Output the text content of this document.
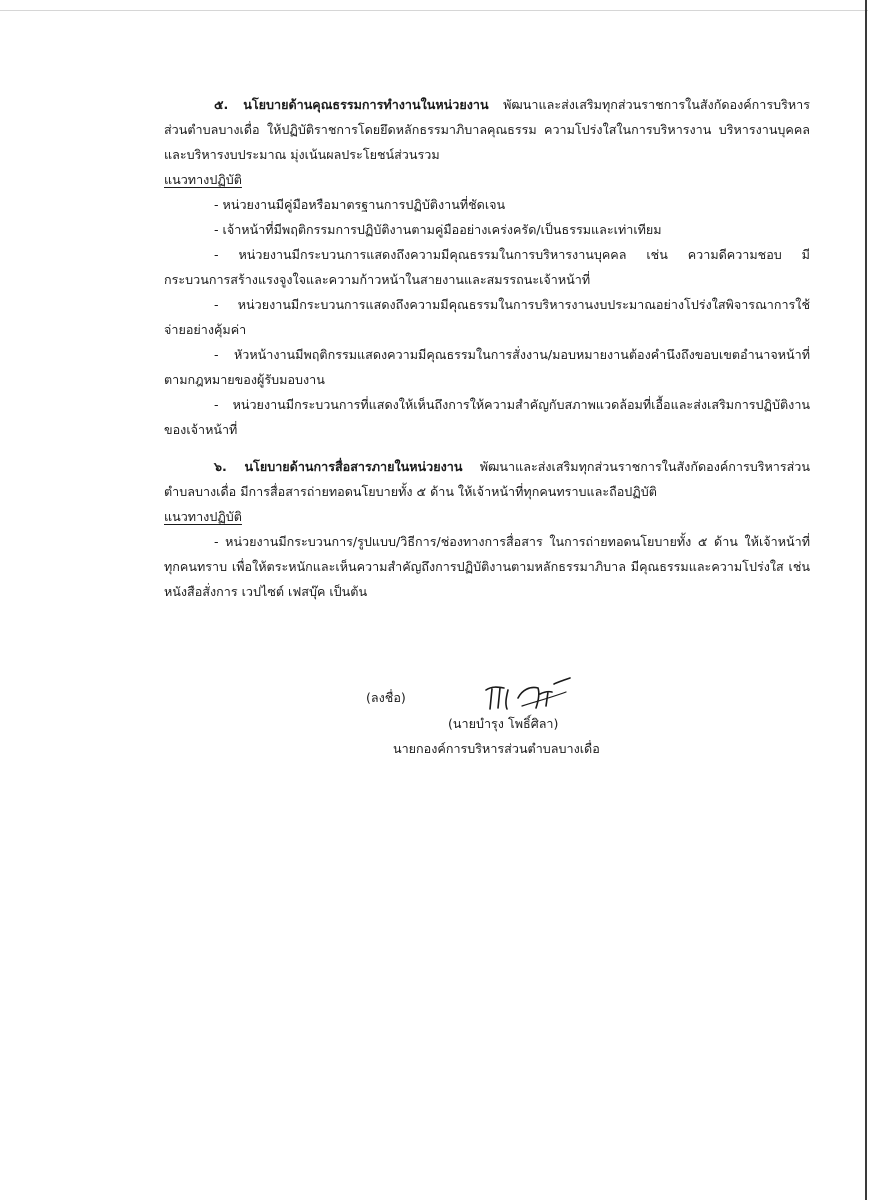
๕. นโยบายด้านคุณธรรมการทำงานในหน่วยงาน พัฒนาและส่งเสริมทุกส่วนราชการในสังกัดองค์การบริหารส่วนตำบลบางเดื่อ ให้ปฏิบัติราชการโดยยึดหลักธรรมาภิบาลคุณธรรม ความโปร่งใสในการบริหารงาน บริหารงานบุคคล และบริหารงบประมาณ มุ่งเน้นผลประโยชน์ส่วนรวม

แนวทางปฏิบัติ

- หน่วยงานมีคู่มือหรือมาตรฐานการปฏิบัติงานที่ชัดเจน

- เจ้าหน้าที่มีพฤติกรรมการปฏิบัติงานตามคู่มืออย่างเคร่งครัด/เป็นธรรมและเท่าเทียม

- หน่วยงานมีกระบวนการแสดงถึงความมีคุณธรรมในการบริหารงานบุคคล เช่น ความดีความชอบ มีกระบวนการสร้างแรงจูงใจและความก้าวหน้าในสายงานและสมรรถนะเจ้าหน้าที่

- หน่วยงานมีกระบวนการแสดงถึงความมีคุณธรรมในการบริหารงานงบประมาณอย่างโปร่งใสพิจารณาการใช้จ่ายอย่างคุ้มค่า

- หัวหน้างานมีพฤติกรรมแสดงความมีคุณธรรมในการสั่งงาน/มอบหมายงานต้องคำนึงถึงขอบเขตอำนาจหน้าที่ตามกฎหมายของผู้รับมอบงาน

- หน่วยงานมีกระบวนการที่แสดงให้เห็นถึงการให้ความสำคัญกับสภาพแวดล้อมที่เอื้อและส่งเสริมการปฏิบัติงานของเจ้าหน้าที่

๖. นโยบายด้านการสื่อสารภายในหน่วยงาน พัฒนาและส่งเสริมทุกส่วนราชการในสังกัดองค์การบริหารส่วนตำบลบางเดื่อ มีการสื่อสารถ่ายทอดนโยบายทั้ง ๕ ด้าน ให้เจ้าหน้าที่ทุกคนทราบและถือปฏิบัติ

แนวทางปฏิบัติ

- หน่วยงานมีกระบวนการ/รูปแบบ/วิธีการ/ช่องทางการสื่อสาร ในการถ่ายทอดนโยบายทั้ง ๕ ด้าน ให้เจ้าหน้าที่ทุกคนทราบ เพื่อให้ตระหนักและเห็นความสำคัญถึงการปฏิบัติงานตามหลักธรรมาภิบาล มีคุณธรรมและความโปร่งใส เช่น หนังสือสั่งการ เวปไซต์ เฟสบุ๊ค เป็นต้น

(ลงชื่อ)
(นายบำรุง โพธิ์ศิลา)
นายกองค์การบริหารส่วนตำบลบางเดื่อ
